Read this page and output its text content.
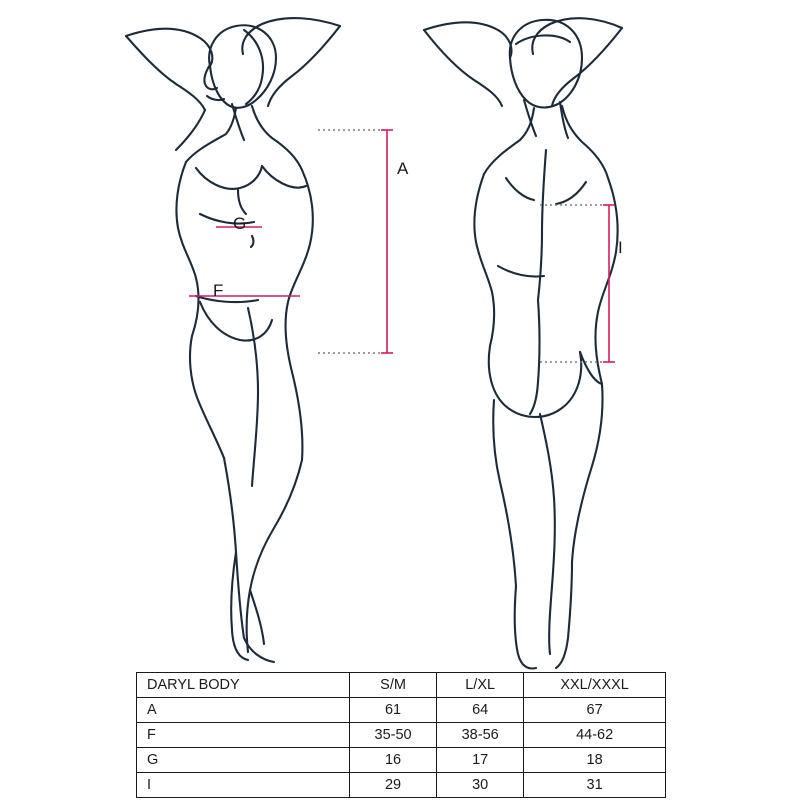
A
G
F
I
DARYL BODY	S/M	L/XL	XXL/XXXL
A	61	64	67
F	35-50	38-56	44-62
G	16	17	18
I	29	30	31
